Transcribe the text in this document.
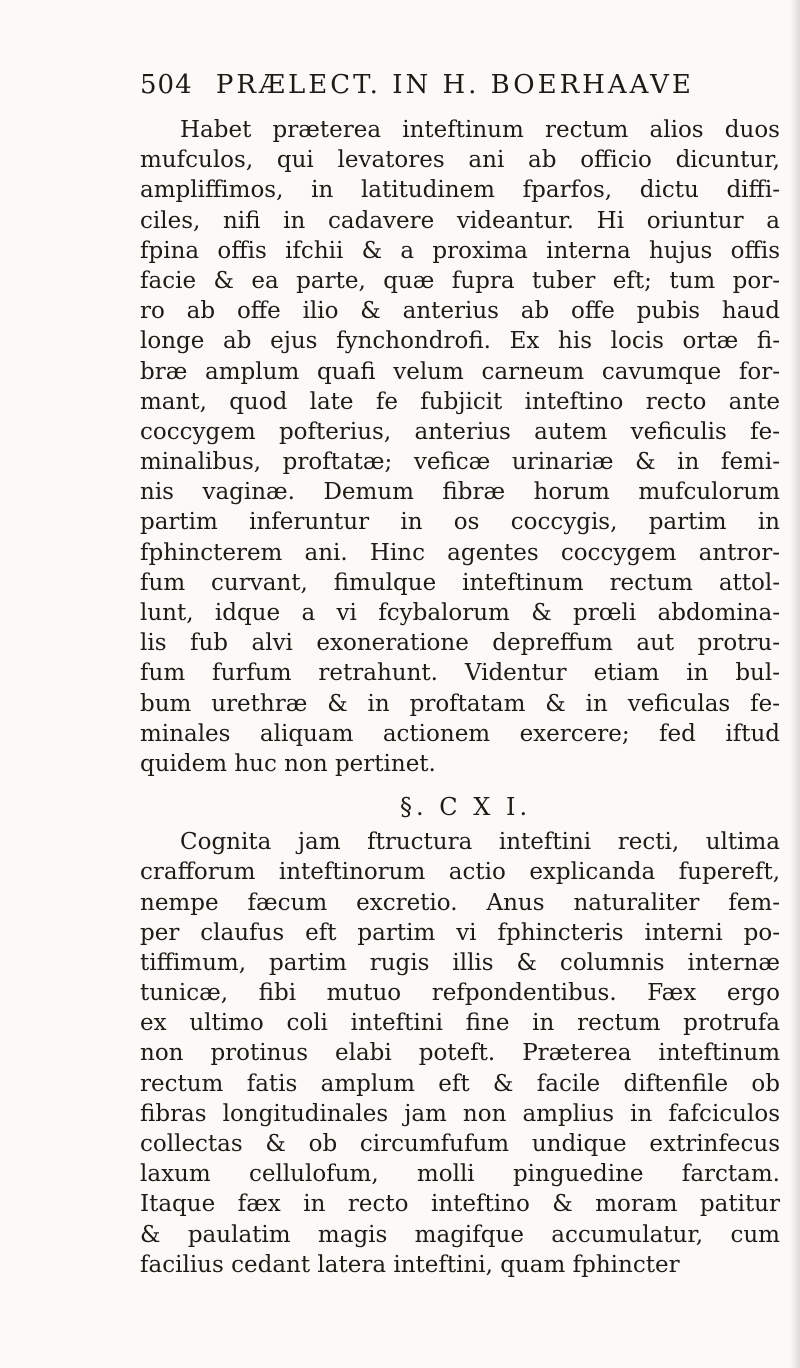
504 PRÆLECT. IN H. BOERHAAVE
Habet præterea inteftinum rectum alios duos
mufculos, qui levatores ani ab officio dicuntur,
ampliffimos, in latitudinem fparfos, dictu diffi-
ciles, nifi in cadavere videantur. Hi oriuntur a
fpina offis ifchii & a proxima interna hujus offis
facie & ea parte, quæ fupra tuber eft; tum por-
ro ab offe ilio & anterius ab offe pubis haud
longe ab ejus fynchondrofi. Ex his locis ortæ fi-
bræ amplum quafi velum carneum cavumque for-
mant, quod late fe fubjicit inteftino recto ante
coccygem pofterius, anterius autem veficulis fe-
minalibus, proftatæ; veficæ urinariæ & in femi-
nis vaginæ. Demum fibræ horum mufculorum
partim inferuntur in os coccygis, partim in
fphincterem ani. Hinc agentes coccygem antror-
fum curvant, fimulque inteftinum rectum attol-
lunt, idque a vi fcybalorum & prœli abdomina-
lis fub alvi exoneratione depreffum aut protru-
fum furfum retrahunt. Videntur etiam in bul-
bum urethræ & in proftatam & in veficulas fe-
minales aliquam actionem exercere; fed iftud
quidem huc non pertinet.
§. C X I.
Cognita jam ftructura inteftini recti, ultima
crafforum inteftinorum actio explicanda fupereft,
nempe fæcum excretio. Anus naturaliter fem-
per claufus eft partim vi fphincteris interni po-
tiffimum, partim rugis illis & columnis internæ
tunicæ, fibi mutuo refpondentibus. Fæx ergo
ex ultimo coli inteftini fine in rectum protrufa
non protinus elabi poteft. Præterea inteftinum
rectum fatis amplum eft & facile diftenfile ob
fibras longitudinales jam non amplius in fafciculos
collectas & ob circumfufum undique extrinfecus
laxum cellulofum, molli pinguedine farctam.
Itaque fæx in recto inteftino & moram patitur
& paulatim magis magifque accumulatur, cum
facilius cedant latera inteftini, quam fphincter
